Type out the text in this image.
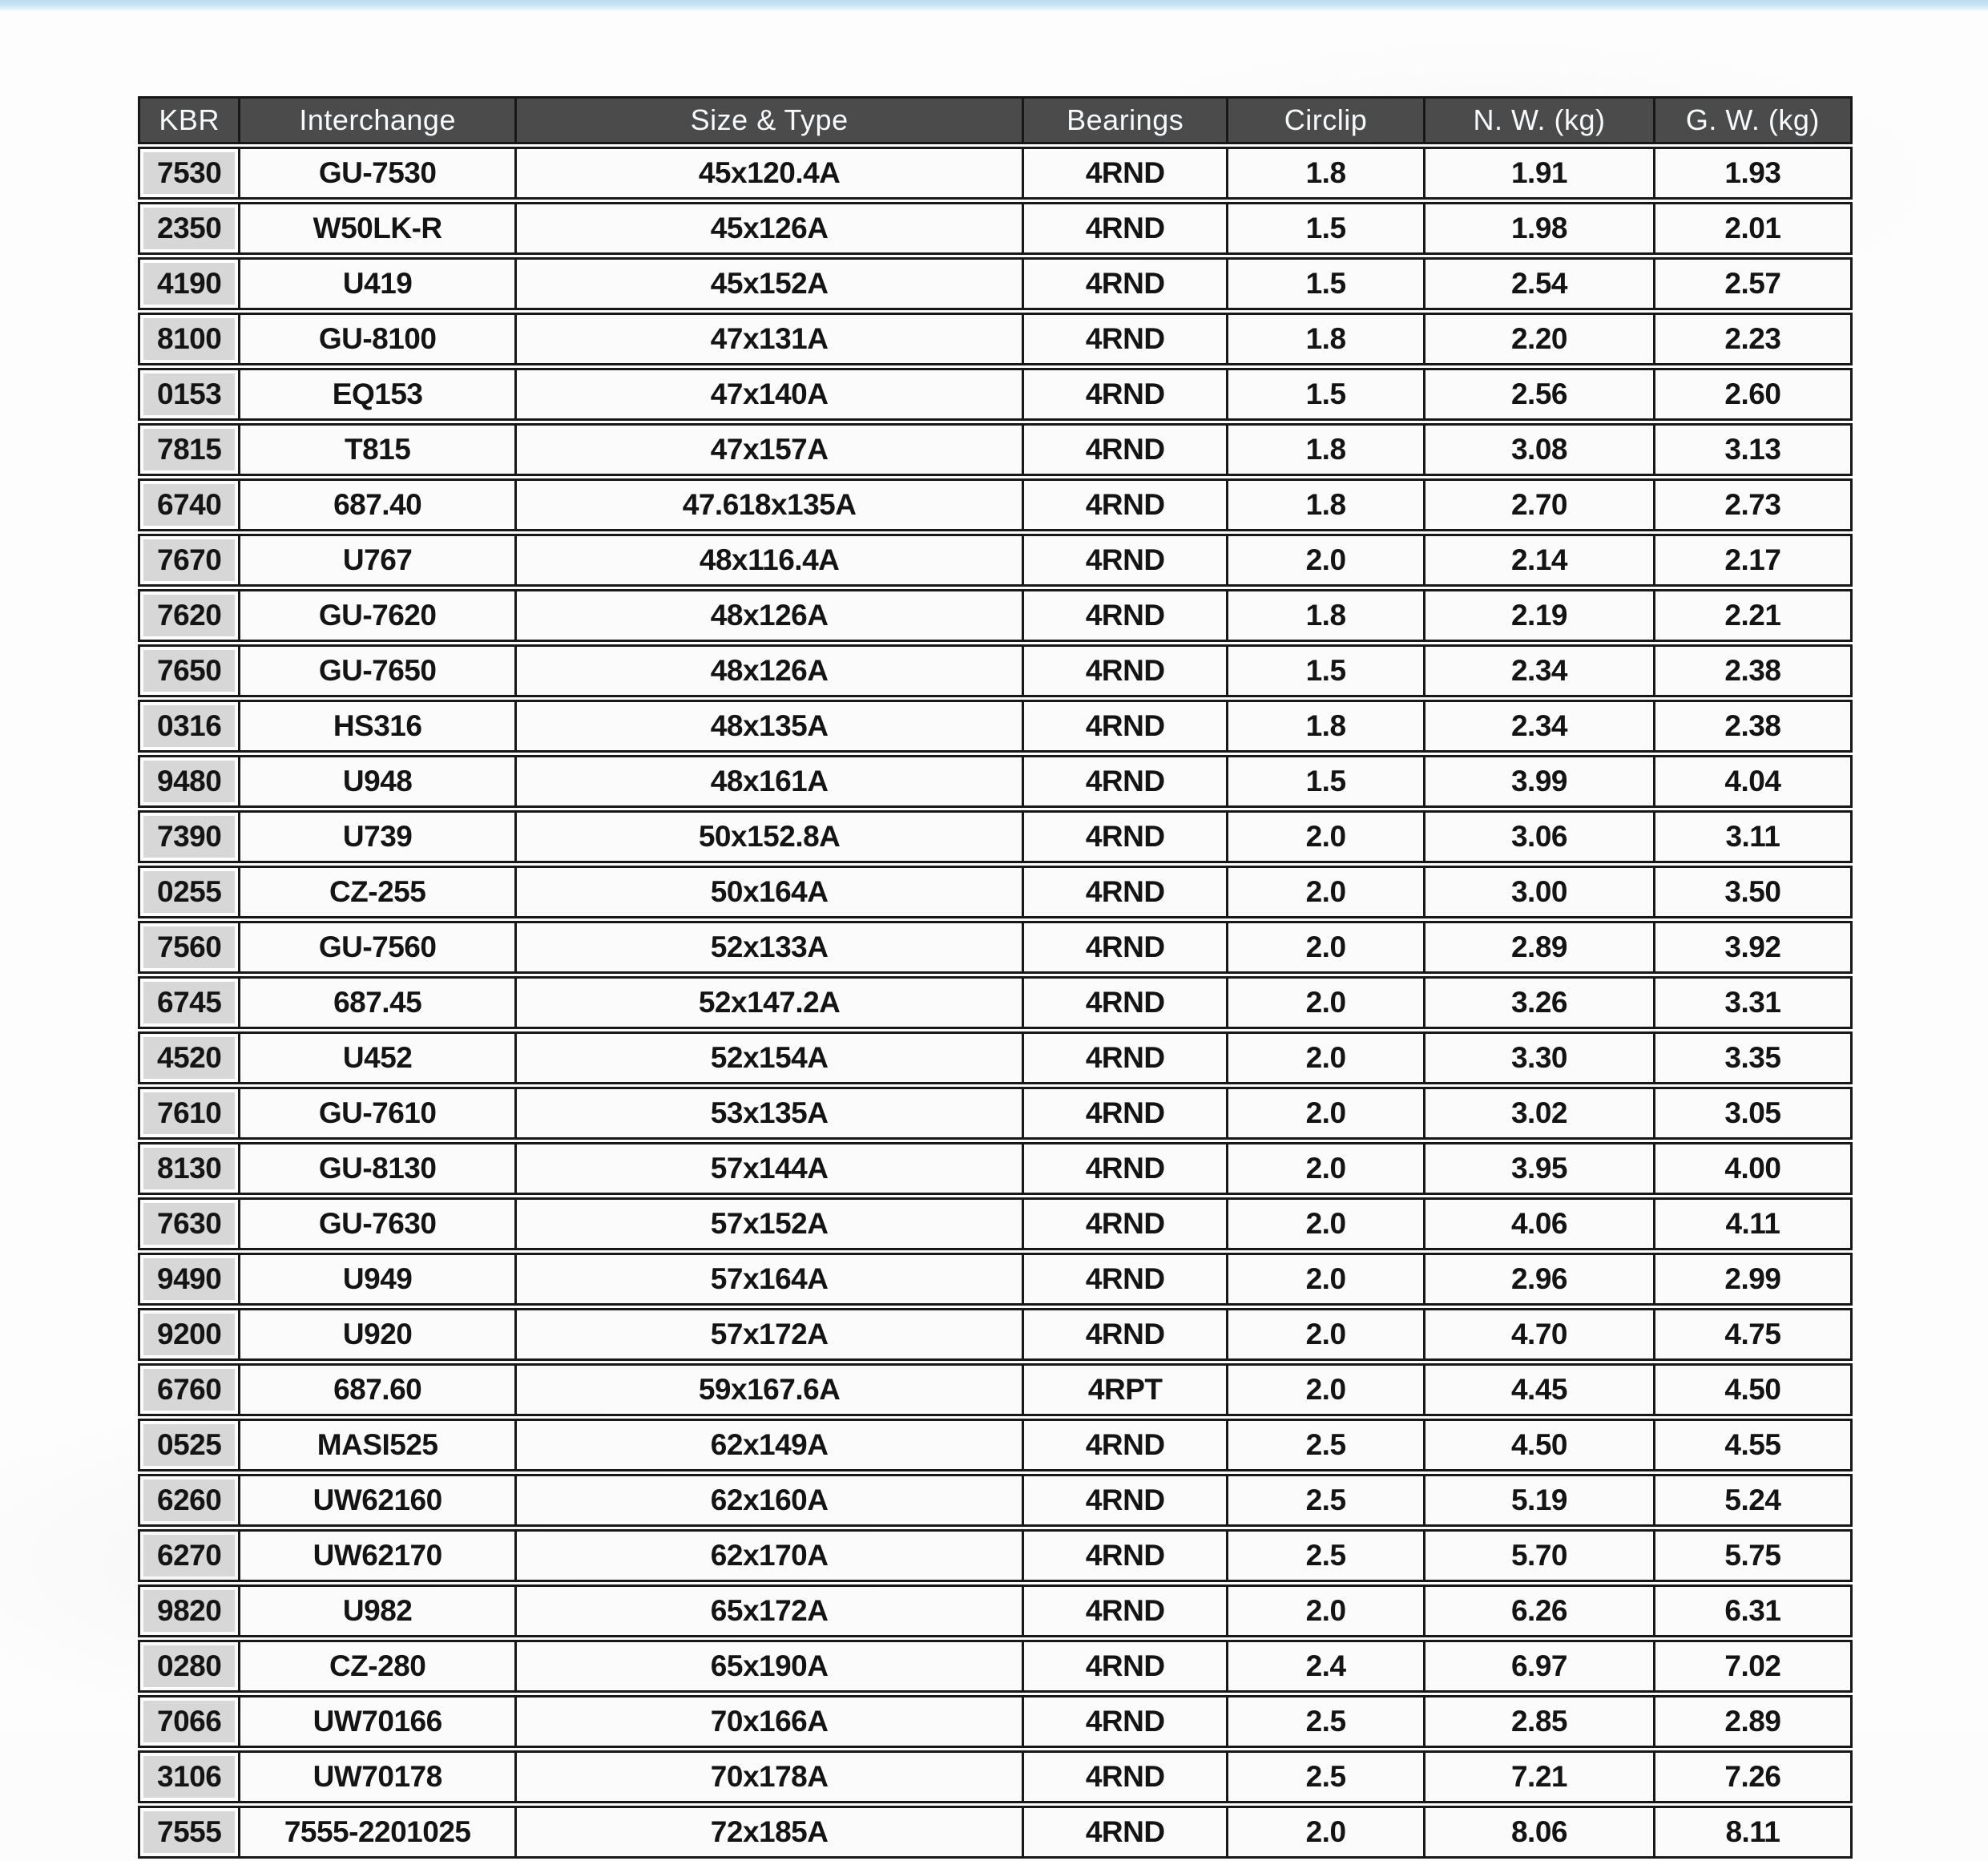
KBR	Interchange	Size & Type	Bearings	Circlip	N. W. (kg)	G. W. (kg)
7530	GU-7530	45x120.4A	4RND	1.8	1.91	1.93
2350	W50LK-R	45x126A	4RND	1.5	1.98	2.01
4190	U419	45x152A	4RND	1.5	2.54	2.57
8100	GU-8100	47x131A	4RND	1.8	2.20	2.23
0153	EQ153	47x140A	4RND	1.5	2.56	2.60
7815	T815	47x157A	4RND	1.8	3.08	3.13
6740	687.40	47.618x135A	4RND	1.8	2.70	2.73
7670	U767	48x116.4A	4RND	2.0	2.14	2.17
7620	GU-7620	48x126A	4RND	1.8	2.19	2.21
7650	GU-7650	48x126A	4RND	1.5	2.34	2.38
0316	HS316	48x135A	4RND	1.8	2.34	2.38
9480	U948	48x161A	4RND	1.5	3.99	4.04
7390	U739	50x152.8A	4RND	2.0	3.06	3.11
0255	CZ-255	50x164A	4RND	2.0	3.00	3.50
7560	GU-7560	52x133A	4RND	2.0	2.89	3.92
6745	687.45	52x147.2A	4RND	2.0	3.26	3.31
4520	U452	52x154A	4RND	2.0	3.30	3.35
7610	GU-7610	53x135A	4RND	2.0	3.02	3.05
8130	GU-8130	57x144A	4RND	2.0	3.95	4.00
7630	GU-7630	57x152A	4RND	2.0	4.06	4.11
9490	U949	57x164A	4RND	2.0	2.96	2.99
9200	U920	57x172A	4RND	2.0	4.70	4.75
6760	687.60	59x167.6A	4RPT	2.0	4.45	4.50
0525	MASI525	62x149A	4RND	2.5	4.50	4.55
6260	UW62160	62x160A	4RND	2.5	5.19	5.24
6270	UW62170	62x170A	4RND	2.5	5.70	5.75
9820	U982	65x172A	4RND	2.0	6.26	6.31
0280	CZ-280	65x190A	4RND	2.4	6.97	7.02
7066	UW70166	70x166A	4RND	2.5	2.85	2.89
3106	UW70178	70x178A	4RND	2.5	7.21	7.26
7555	7555-2201025	72x185A	4RND	2.0	8.06	8.11
